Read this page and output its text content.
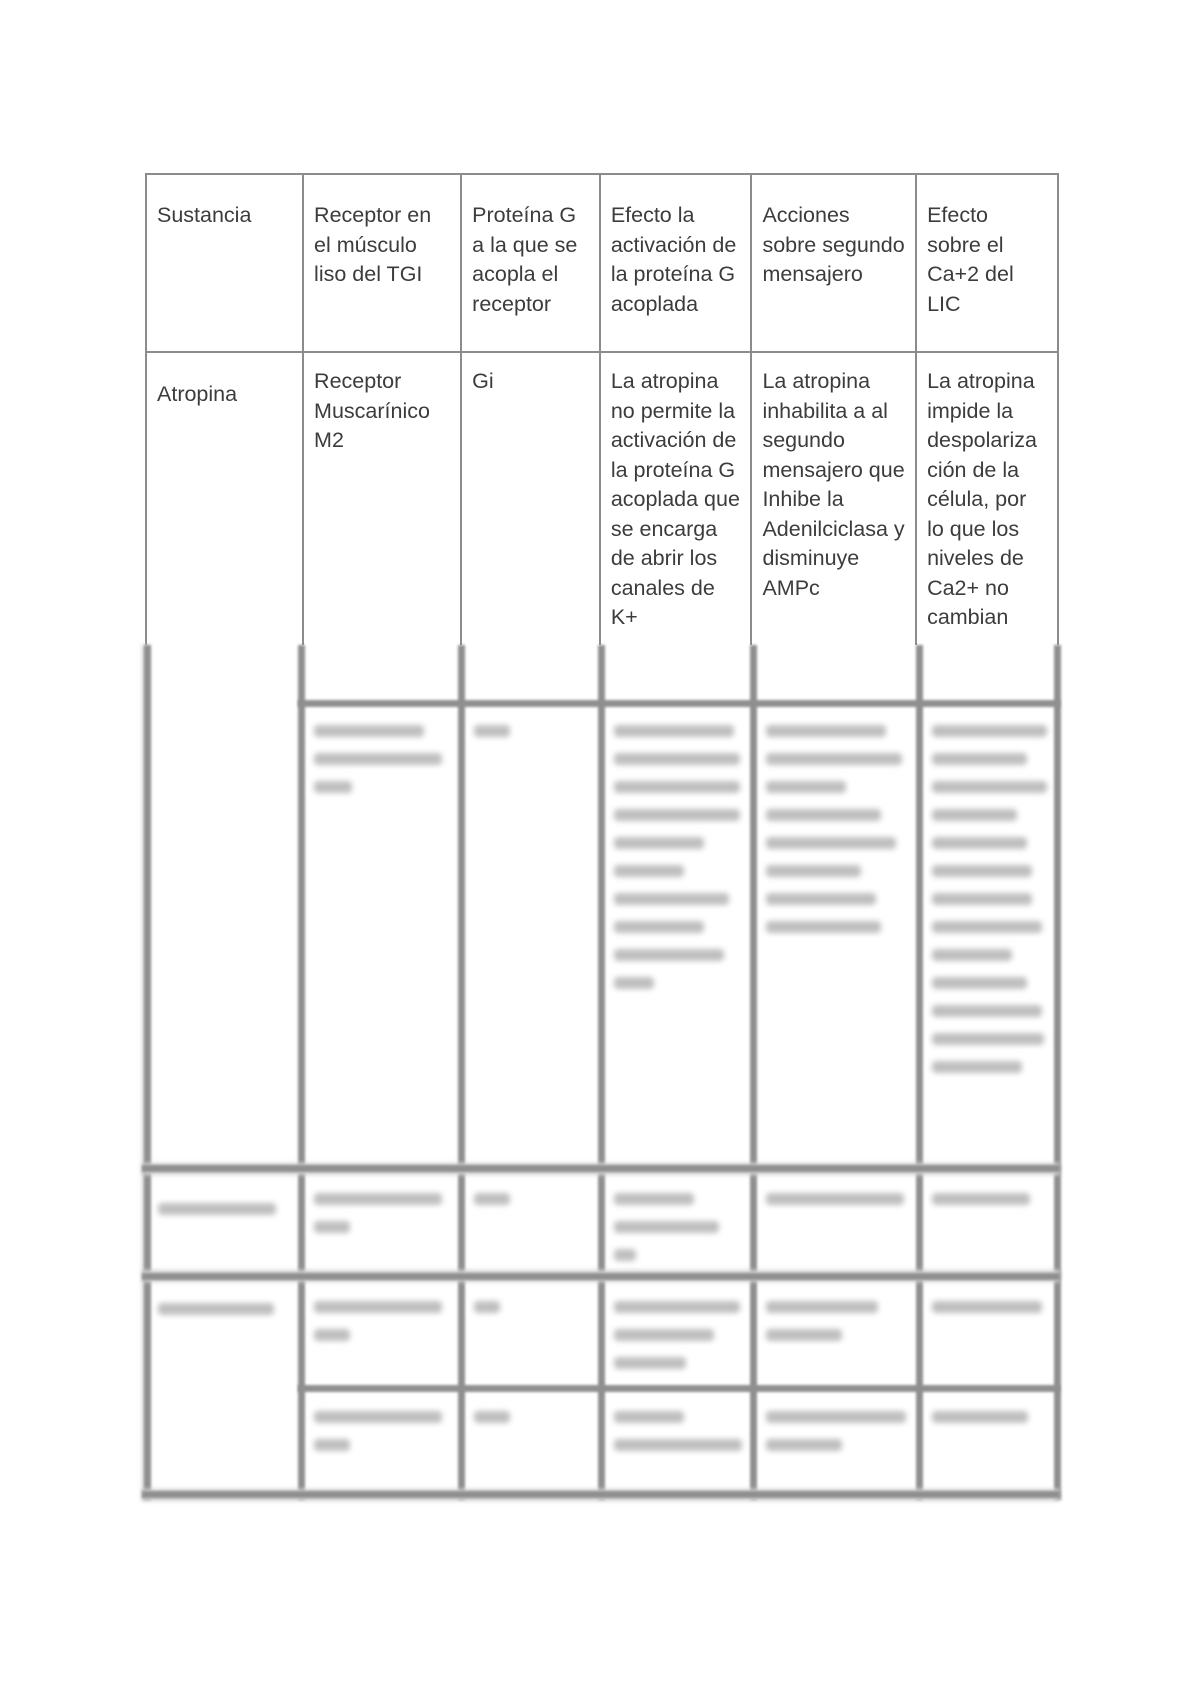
Sustancia	Receptor en el músculo liso del TGI	Proteína G a la que se acopla el receptor	Efecto la activación de la proteína G acoplada	Acciones sobre segundo mensajero	Efecto sobre el Ca+2 del LIC

Atropina	Receptor Muscarínico M2	Gi	La atropina no permite la activación de la proteína G acoplada que se encarga de abrir los canales de K+	La atropina inhabilita a al segundo mensajero que Inhibe la Adenilciclasa y disminuye AMPc	La atropina impide la despolarización de la célula, por lo que los niveles de Ca2+ no cambian
